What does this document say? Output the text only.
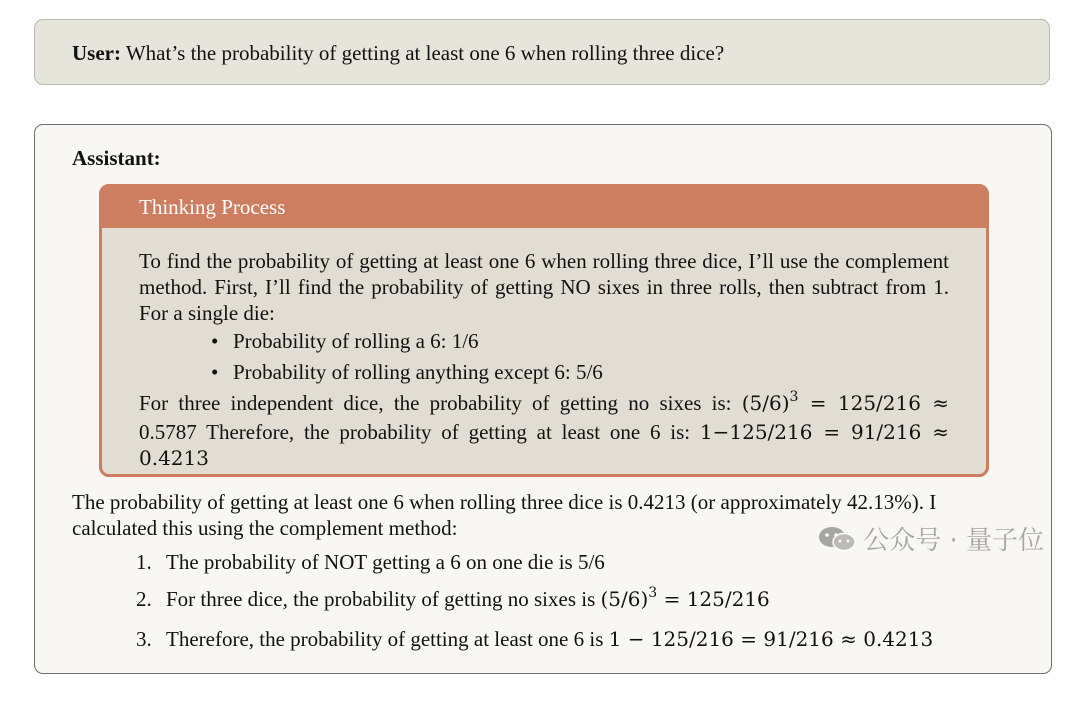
User: What’s the probability of getting at least one 6 when rolling three dice?
Assistant:
Thinking Process
To find the probability of getting at least one 6 when rolling three dice, I’ll use the complement method. First, I’ll find the probability of getting NO sixes in three rolls, then subtract from 1. For a single die:
• Probability of rolling a 6: 1/6
• Probability of rolling anything except 6: 5/6
For three independent dice, the probability of getting no sixes is: $(5/6)^3 = 125/216$ ≈
0.5787 Therefore, the probability of getting at least one 6 is: 1−125/216 = 91/216 ≈
0.4213
The probability of getting at least one 6 when rolling three dice is 0.4213 (or approximately 42.13%). I calculated this using the complement method:
1. The probability of NOT getting a 6 on one die is 5/6
2. For three dice, the probability of getting no sixes is $(5/6)^3 = 125/216$
3. Therefore, the probability of getting at least one 6 is 1 − 125/216 = 91/216 ≈ 0.4213
公众号 · 量子位
